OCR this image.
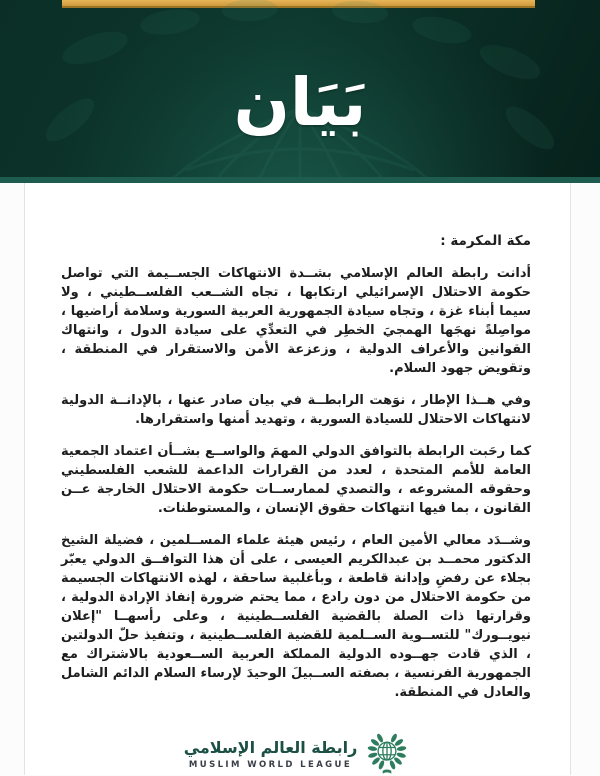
بَيَان
مكة المكرمة :

أدانت رابطة العالم الإسلامي بشــدة الانتهاكات الجســيمة التي تواصل حكومة الاحتلال الإسرائيلي ارتكابها ، تجاه الشــعب الفلســطيني ، ولا سيما أبناء غزة ، وتجاه سيادة الجمهورية العربية السورية وسلامة أراضيها ، مواصِلةً نهجَها الهمجيَ الخطِر في التعدِّي على سيادة الدول ، وانتهاك القوانين والأعراف الدولية ، وزعزعة الأمن والاستقرار في المنطقة ، وتقويض جهود السلام.

وفي هــذا الإطار ، نوَهت الرابطــة في بيان صادر عنها ، بالإدانــة الدولية لانتهاكات الاحتلال للسيادة السورية ، وتهديد أمنها واستقرارها.

كما رحَبت الرابطة بالتوافق الدولي المهمَ والواســع بشــأن اعتماد الجمعية العامة للأمم المتحدة ، لعدد من القرارات الداعمة للشعب الفلسطيني وحقوقه المشروعه ، والتصدي لممارســات حكومة الاحتلال الخارجة عــن القانون ، بما فيها انتهاكات حقوق الإنسان ، والمستوطنات.

وشــدَد معالي الأمين العام ، رئيس هيئة علماء المســلمين ، فضيلة الشيخ الدكتور محمــد بن عبدالكريم العيسى ، على أن هذا التوافــق الدولي يعبّر بجلاء عن رفضِ وإدانة قاطعة ، وبأغلبية ساحقة ، لهذه الانتهاكات الجسيمة من حكومة الاحتلال من دون رادع ، مما يحتم ضرورة إنفاذ الإرادة الدولية ، وقرارتها ذات الصلة بالقضية الفلســطينية ، وعلى رأسهــا "إعلان نيويــورك" للتســوية الســلمية للقضية الفلســطينية ، وتنفيذ حلّ الدولتين ، الذي قادت جهــوده الدولية المملكة العربية الســعودية بالاشتراك مع الجمهورية الفرنسية ، بصفته الســبيلَ الوحيدَ لإرساء السلام الدائم الشامل والعادل في المنطقة.

رابطة العالم الإسلامي
MUSLIM WORLD LEAGUE
